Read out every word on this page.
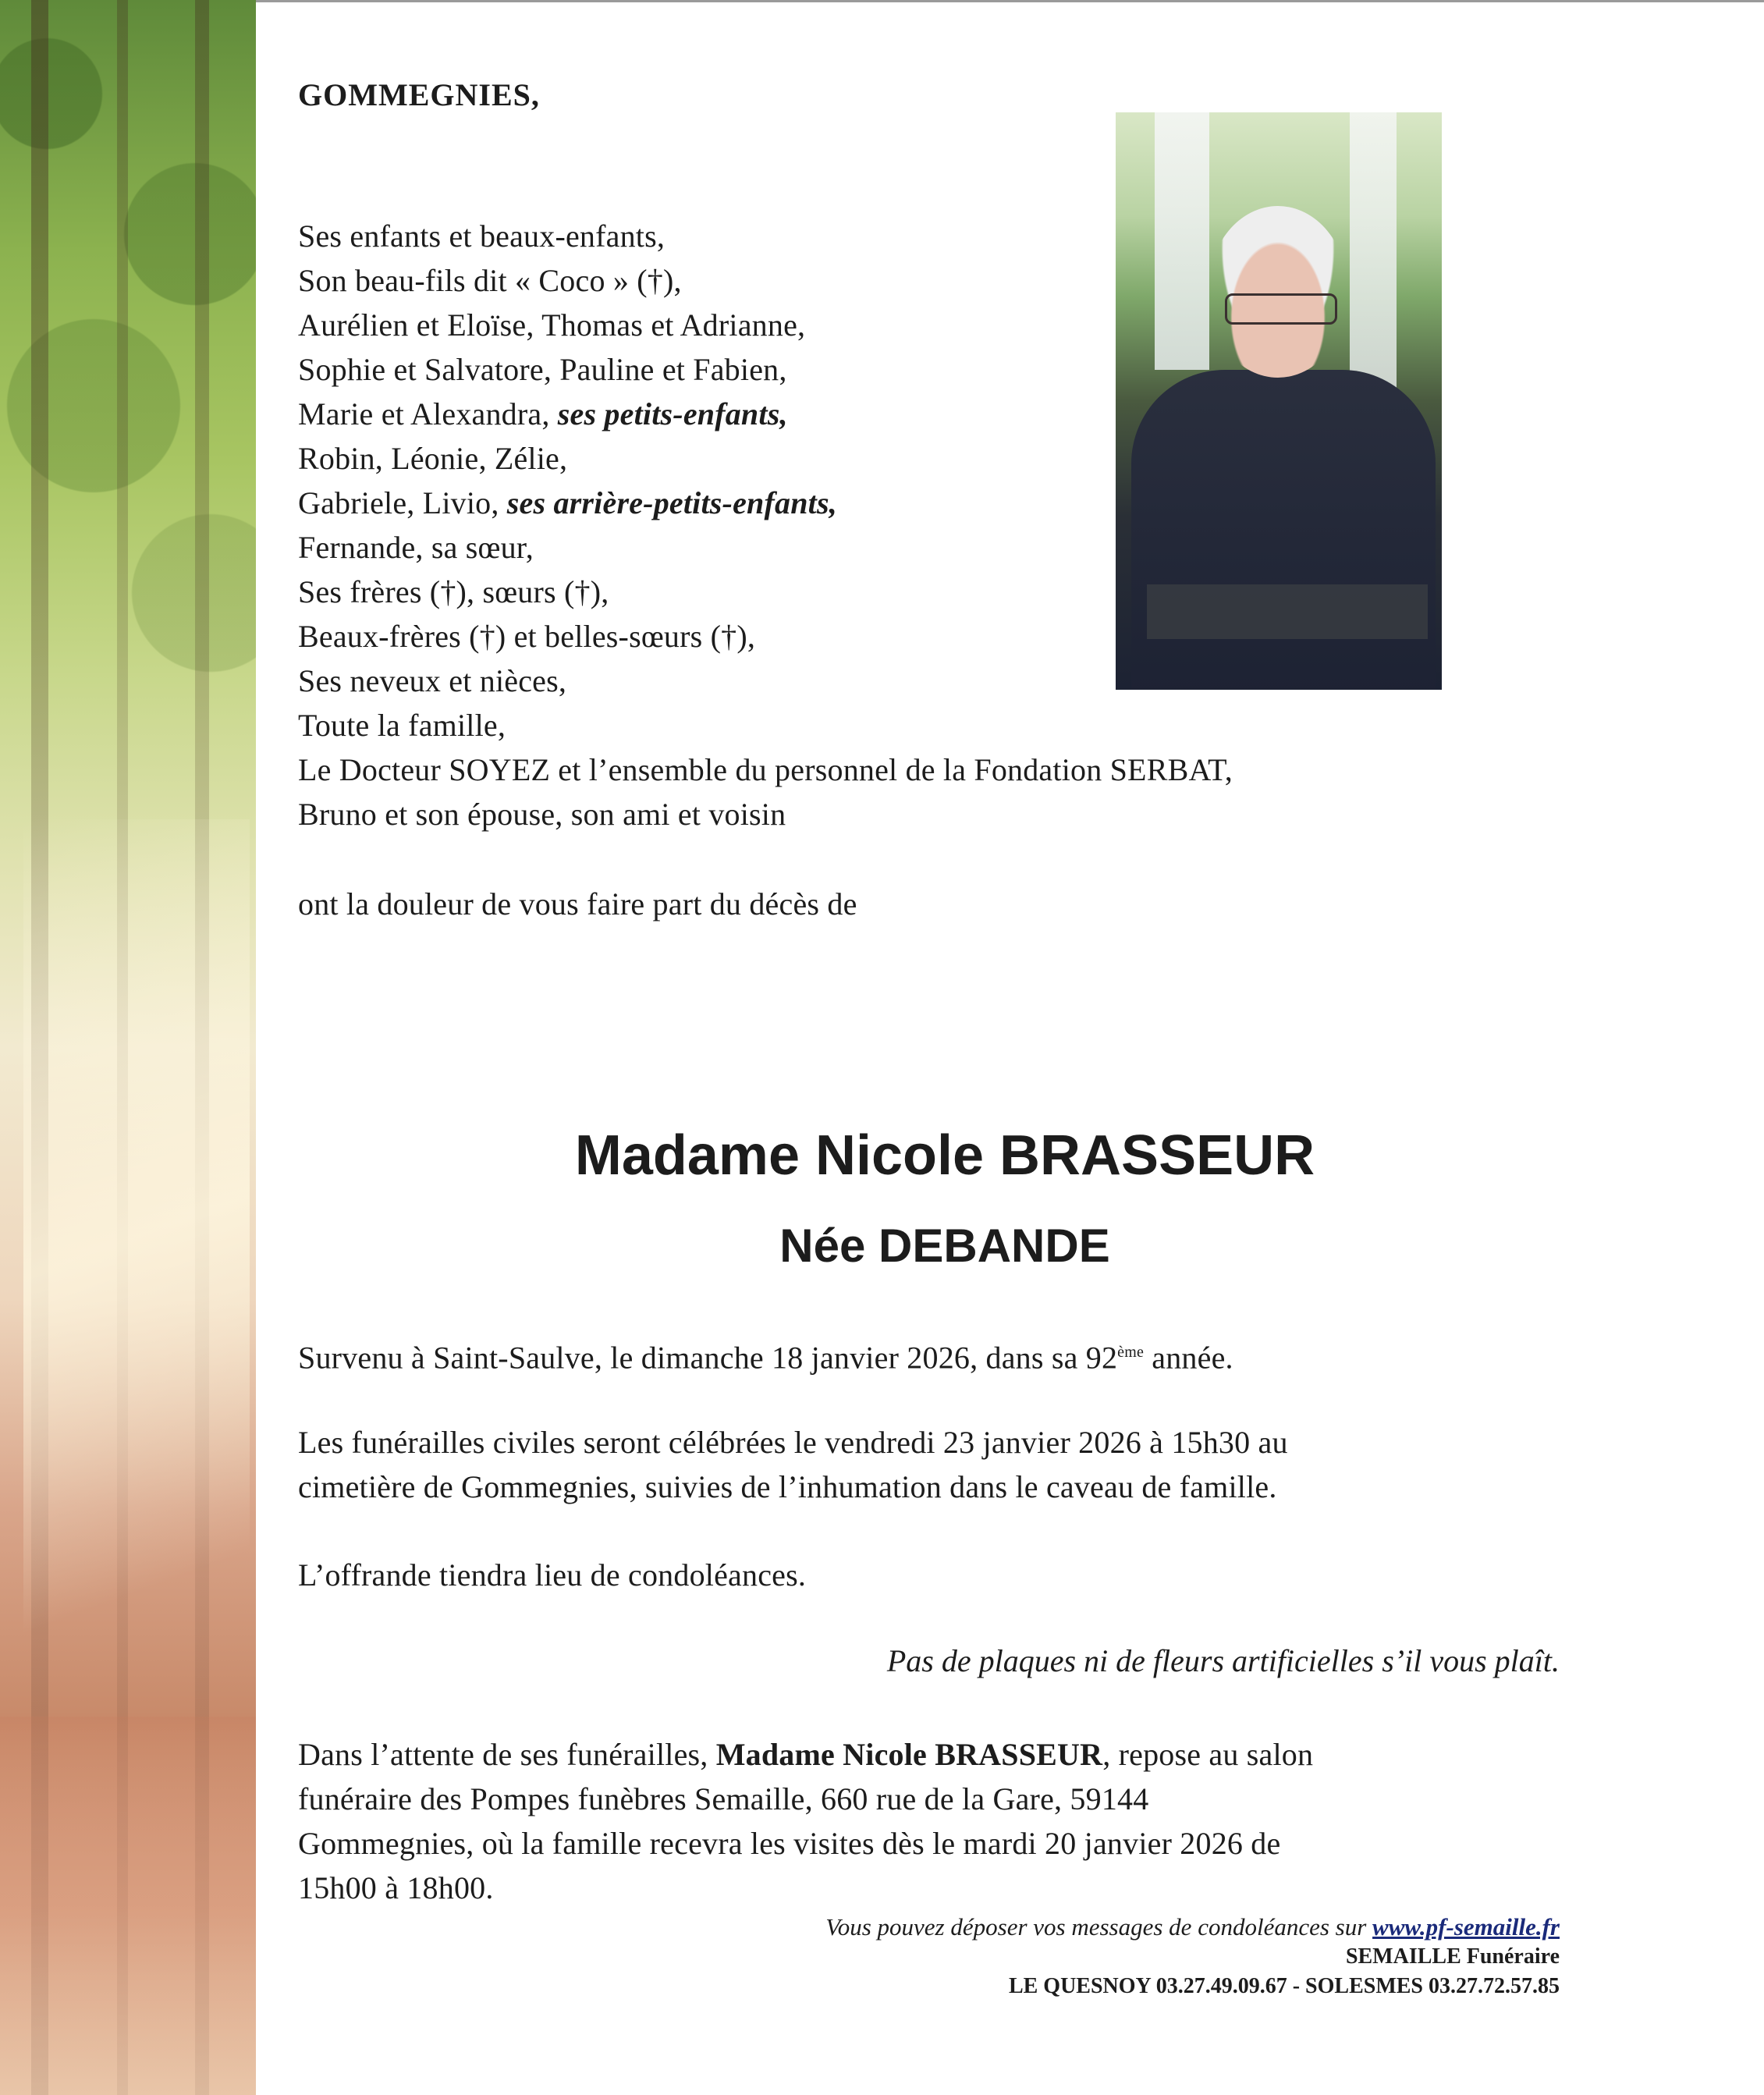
GOMMEGNIES,
Ses enfants et beaux-enfants,
Son beau-fils dit « Coco » (†),
Aurélien et Eloïse, Thomas et Adrianne,
Sophie et Salvatore, Pauline et Fabien,
Marie et Alexandra, ses petits-enfants,
Robin, Léonie, Zélie,
Gabriele, Livio, ses arrière-petits-enfants,
Fernande, sa sœur,
Ses frères (†), sœurs (†),
Beaux-frères (†) et belles-sœurs (†),
Ses neveux et nièces,
Toute la famille,
Le Docteur SOYEZ et l’ensemble du personnel de la Fondation SERBAT,
Bruno et son épouse, son ami et voisin
ont la douleur de vous faire part du décès de
Madame Nicole BRASSEUR
Née DEBANDE
Survenu à Saint-Saulve, le dimanche 18 janvier 2026, dans sa 92ème année.
Les funérailles civiles seront célébrées le vendredi 23 janvier 2026 à 15h30 au
cimetière de Gommegnies, suivies de l’inhumation dans le caveau de famille.
L’offrande tiendra lieu de condoléances.
Pas de plaques ni de fleurs artificielles s’il vous plaît.
Dans l’attente de ses funérailles, Madame Nicole BRASSEUR, repose au salon
funéraire des Pompes funèbres Semaille, 660 rue de la Gare, 59144
Gommegnies, où la famille recevra les visites dès le mardi 20 janvier 2026 de
15h00 à 18h00.
Vous pouvez déposer vos messages de condoléances sur www.pf-semaille.fr
SEMAILLE Funéraire
LE QUESNOY 03.27.49.09.67 - SOLESMES 03.27.72.57.85
